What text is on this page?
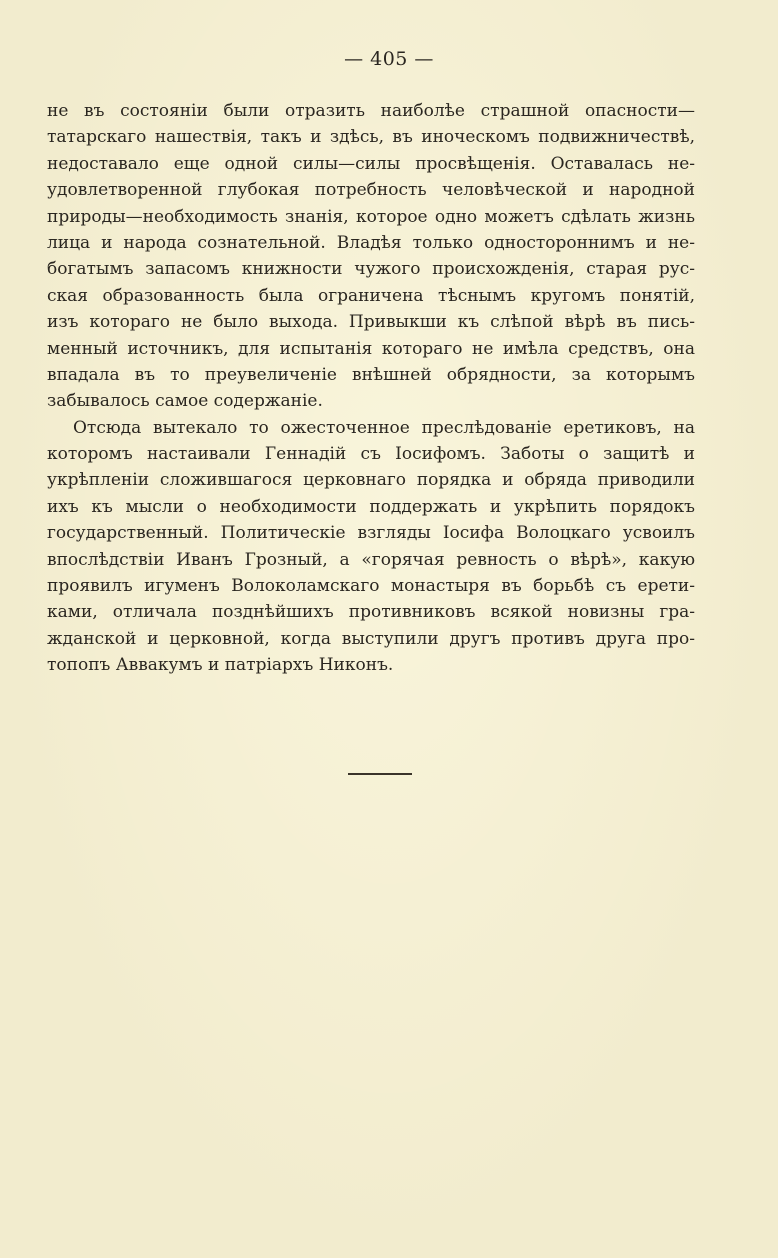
— 405 —
не въ состоянiи были отразить наиболѣе страшной опасности—
татарскаго нашествiя, такъ и здѣсь, въ иноческомъ подвижничествѣ,
недоставало еще одной силы—силы просвѣщенiя. Оставалась не-
удовлетворенной глубокая потребность человѣческой и народной
природы—необходимость знанiя, которое одно можетъ сдѣлать жизнь
лица и народа сознательной. Владѣя только одностороннимъ и не-
богатымъ запасомъ книжности чужого происхожденiя, старая рус-
ская образованность была ограничена тѣснымъ кругомъ понятiй,
изъ котораго не было выхода. Привыкши къ слѣпой вѣрѣ въ пись-
менный источникъ, для испытанiя котораго не имѣла средствъ, она
впадала въ то преувеличенiе внѣшней обрядности, за которымъ
забывалось самое содержанiе.
Отсюда вытекало то ожесточенное преслѣдованiе еретиковъ, на
которомъ настаивали Геннадiй съ Iосифомъ. Заботы о защитѣ и
укрѣпленiи сложившагося церковнаго порядка и обряда приводили
ихъ къ мысли о необходимости поддержать и укрѣпить порядокъ
государственный. Политическiе взгляды Iосифа Волоцкаго усвоилъ
впослѣдствiи Иванъ Грозный, а «горячая ревность о вѣрѣ», какую
проявилъ игуменъ Волоколамскаго монастыря въ борьбѣ съ ерети-
ками, отличала позднѣйшихъ противниковъ всякой новизны гра-
жданской и церковной, когда выступили другъ противъ друга про-
топопъ Аввакумъ и патрiархъ Никонъ.
